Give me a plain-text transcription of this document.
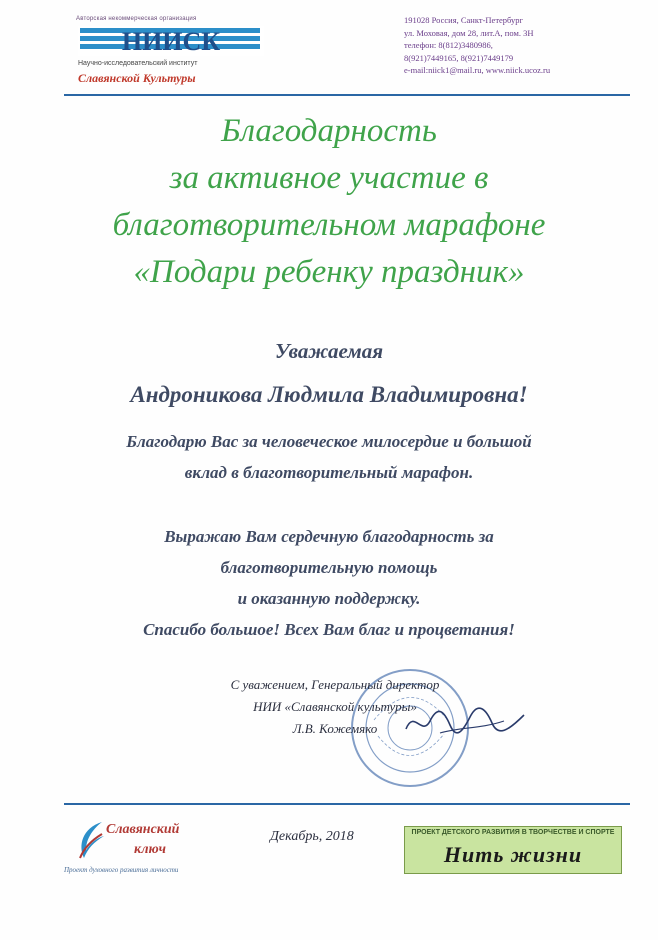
Авторская некоммерческая организация
НИИСК
Научно-исследовательский институт
Славянской Культуры
191028 Россия, Санкт-Петербург
ул. Моховая, дом 28, лит.А, пом. 3Н
телефон: 8(812)3480986,
8(921)7449165, 8(921)7449179
e-mail:niick1@mail.ru, www.niick.ucoz.ru
Благодарность
за активное участие в
благотворительном марафоне
«Подари ребенку праздник»
Уважаемая
Андроникова Людмила Владимировна!
Благодарю Вас за человеческое милосердие и большой
вклад в благотворительный марафон.
Выражаю Вам сердечную благодарность за
благотворительную помощь
и оказанную поддержку.
Спасибо большое! Всех Вам благ и процветания!
С уважением, Генеральный директор
НИИ «Славянской культуры»
Л.В. Кожемяко
Славянский
ключ
Проект духовного развития личности
Декабрь, 2018	ПРОЕКТ ДЕТСКОГО РАЗВИТИЯ В ТВОРЧЕСТВЕ И СПОРТЕ
Нить жизни
